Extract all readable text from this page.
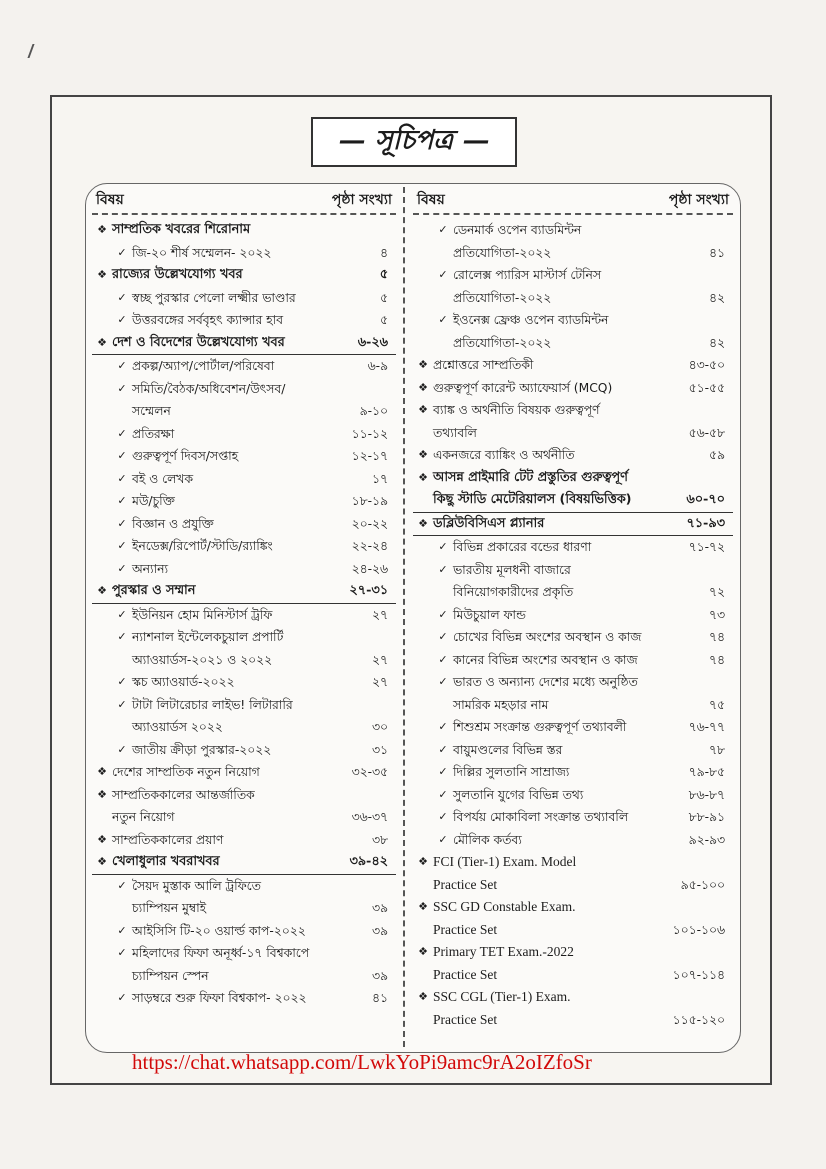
— সূচিপত্র —
বিষয়	পৃষ্ঠা সংখ্যা
❖ সাম্প্রতিক খবরের শিরোনাম
✓ জি-২০ শীর্ষ সম্মেলন- ২০২২	৪
❖ রাজ্যের উল্লেখযোগ্য খবর	৫
✓ স্বচ্ছ পুরস্কার পেলো লক্ষ্মীর ভাণ্ডার	৫
✓ উত্তরবঙ্গের সর্ববৃহৎ ক্যান্সার হাব	৫
❖ দেশ ও বিদেশের উল্লেখযোগ্য খবর	৬-২৬
✓ প্রকল্প/অ্যাপ/পোর্টাল/পরিষেবা	৬-৯
✓ সমিতি/বৈঠক/অধিবেশন/উৎসব/
সম্মেলন	৯-১০
✓ প্রতিরক্ষা	১১-১২
✓ গুরুত্বপূর্ণ দিবস/সপ্তাহ	১২-১৭
✓ বই ও লেখক	১৭
✓ মউ/চুক্তি	১৮-১৯
✓ বিজ্ঞান ও প্রযুক্তি	২০-২২
✓ ইনডেক্স/রিপোর্ট/স্টাডি/র‍্যাঙ্কিং	২২-২৪
✓ অন্যান্য	২৪-২৬
❖ পুরস্কার ও সম্মান	২৭-৩১
✓ ইউনিয়ন হোম মিনিস্টার্স ট্রফি	২৭
✓ ন্যাশনাল ইন্টেলেকচুয়াল প্রপার্টি
অ্যাওয়ার্ডস-২০২১ ও ২০২২	২৭
✓ স্কচ অ্যাওয়ার্ড-২০২২	২৭
✓ টাটা লিটারেচার লাইভ! লিটারারি
অ্যাওয়ার্ডস ২০২২	৩০
✓ জাতীয় ক্রীড়া পুরস্কার-২০২২	৩১
❖ দেশের সাম্প্রতিক নতুন নিয়োগ	৩২-৩৫
❖ সাম্প্রতিককালের আন্তর্জাতিক
নতুন নিয়োগ	৩৬-৩৭
❖ সাম্প্রতিককালের প্রয়াণ	৩৮
❖ খেলাধুলার খবরাখবর	৩৯-৪২
✓ সৈয়দ মুস্তাক আলি ট্রফিতে
চ্যাম্পিয়ন মুম্বাই	৩৯
✓ আইসিসি টি-২০ ওয়ার্ল্ড কাপ-২০২২	৩৯
✓ মহিলাদের ফিফা অনূর্ধ্ব-১৭ বিশ্বকাপে
চ্যাম্পিয়ন স্পেন	৩৯
✓ সাড়ম্বরে শুরু ফিফা বিশ্বকাপ- ২০২২	৪১
বিষয়	পৃষ্ঠা সংখ্যা
✓ ডেনমার্ক ওপেন ব্যাডমিন্টন
প্রতিযোগিতা-২০২২	৪১
✓ রোলেক্স প্যারিস মাস্টার্স টেনিস
প্রতিযোগিতা-২০২২	৪২
✓ ইওনেক্স ফ্রেঞ্চ ওপেন ব্যাডমিন্টন
প্রতিযোগিতা-২০২২	৪২
❖ প্রশ্নোত্তরে সাম্প্রতিকী	৪৩-৫০
❖ গুরুত্বপূর্ণ কারেন্ট অ্যাফেয়ার্স (MCQ)	৫১-৫৫
❖ ব্যাঙ্ক ও অর্থনীতি বিষয়ক গুরুত্বপূর্ণ
তথ্যাবলি	৫৬-৫৮
❖ একনজরে ব্যাঙ্কিং ও অর্থনীতি	৫৯
❖ আসন্ন প্রাইমারি টেট প্রস্তুতির গুরুত্বপূর্ণ
কিছু স্টাডি মেটেরিয়ালস (বিষয়ভিত্তিক)	৬০-৭০
❖ ডব্লিউবিসিএস প্ল্যানার	৭১-৯৩
✓ বিভিন্ন প্রকারের বন্ডের ধারণা	৭১-৭২
✓ ভারতীয় মূলধনী বাজারে
বিনিয়োগকারীদের প্রকৃতি	৭২
✓ মিউচুয়াল ফান্ড	৭৩
✓ চোখের বিভিন্ন অংশের অবস্থান ও কাজ	৭৪
✓ কানের বিভিন্ন অংশের অবস্থান ও কাজ	৭৪
✓ ভারত ও অন্যান্য দেশের মধ্যে অনুষ্ঠিত
সামরিক মহড়ার নাম	৭৫
✓ শিশুশ্রম সংক্রান্ত গুরুত্বপূর্ণ তথ্যাবলী	৭৬-৭৭
✓ বায়ুমণ্ডলের বিভিন্ন স্তর	৭৮
✓ দিল্লির সুলতানি সাম্রাজ্য	৭৯-৮৫
✓ সুলতানি যুগের বিভিন্ন তথ্য	৮৬-৮৭
✓ বিপর্যয় মোকাবিলা সংক্রান্ত তথ্যাবলি	৮৮-৯১
✓ মৌলিক কর্তব্য	৯২-৯৩
❖ FCI (Tier-1) Exam. Model
Practice Set	৯৫-১০০
❖ SSC GD Constable Exam.
Practice Set	১০১-১০৬
❖ Primary TET Exam.-2022
Practice Set	১০৭-১১৪
❖ SSC CGL (Tier-1) Exam.
Practice Set	১১৫-১২০
https://chat.whatsapp.com/LwkYoPi9amc9rA2oIZfoSr
